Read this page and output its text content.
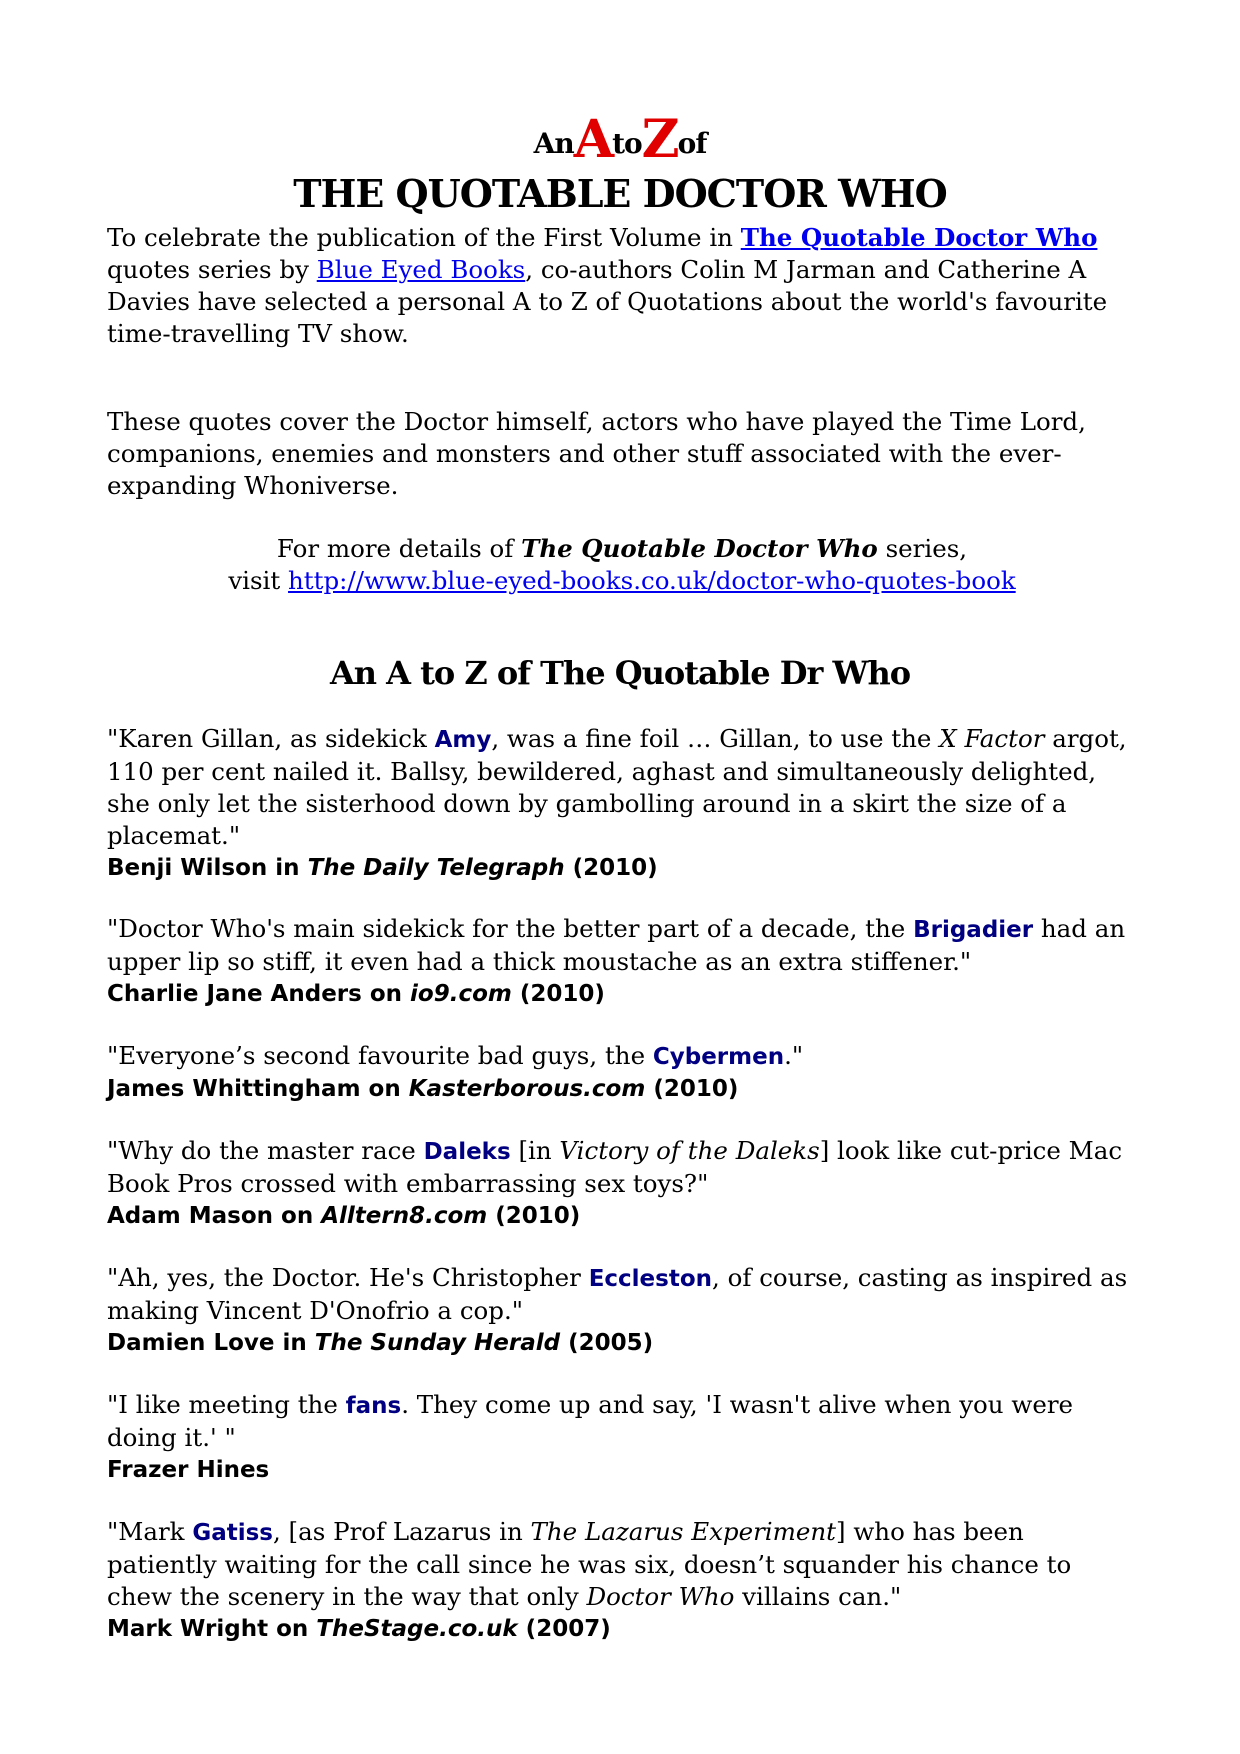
AnAtoZof
THE QUOTABLE DOCTOR WHO
To celebrate the publication of the First Volume in The Quotable Doctor Who quotes series by Blue Eyed Books, co-authors Colin M Jarman and Catherine A Davies have selected a personal A to Z of Quotations about the world's favourite time-travelling TV show.
These quotes cover the Doctor himself, actors who have played the Time Lord, companions, enemies and monsters and other stuff associated with the ever-expanding Whoniverse.
For more details of The Quotable Doctor Who series,
visit http://www.blue-eyed-books.co.uk/doctor-who-quotes-book
An A to Z of The Quotable Dr Who
"Karen Gillan, as sidekick Amy, was a fine foil … Gillan, to use the X Factor argot, 110 per cent nailed it. Ballsy, bewildered, aghast and simultaneously delighted, she only let the sisterhood down by gambolling around in a skirt the size of a placemat."
Benji Wilson in The Daily Telegraph (2010)
"Doctor Who's main sidekick for the better part of a decade, the Brigadier had an upper lip so stiff, it even had a thick moustache as an extra stiffener."
Charlie Jane Anders on io9.com (2010)
"Everyone’s second favourite bad guys, the Cybermen."
James Whittingham on Kasterborous.com (2010)
"Why do the master race Daleks [in Victory of the Daleks] look like cut-price Mac Book Pros crossed with embarrassing sex toys?"
Adam Mason on Alltern8.com (2010)
"Ah, yes, the Doctor. He's Christopher Eccleston, of course, casting as inspired as making Vincent D'Onofrio a cop."
Damien Love in The Sunday Herald (2005)
"I like meeting the fans. They come up and say, 'I wasn't alive when you were doing it.' "
Frazer Hines
"Mark Gatiss, [as Prof Lazarus in The Lazarus Experiment] who has been patiently waiting for the call since he was six, doesn’t squander his chance to chew the scenery in the way that only Doctor Who villains can."
Mark Wright on TheStage.co.uk (2007)
